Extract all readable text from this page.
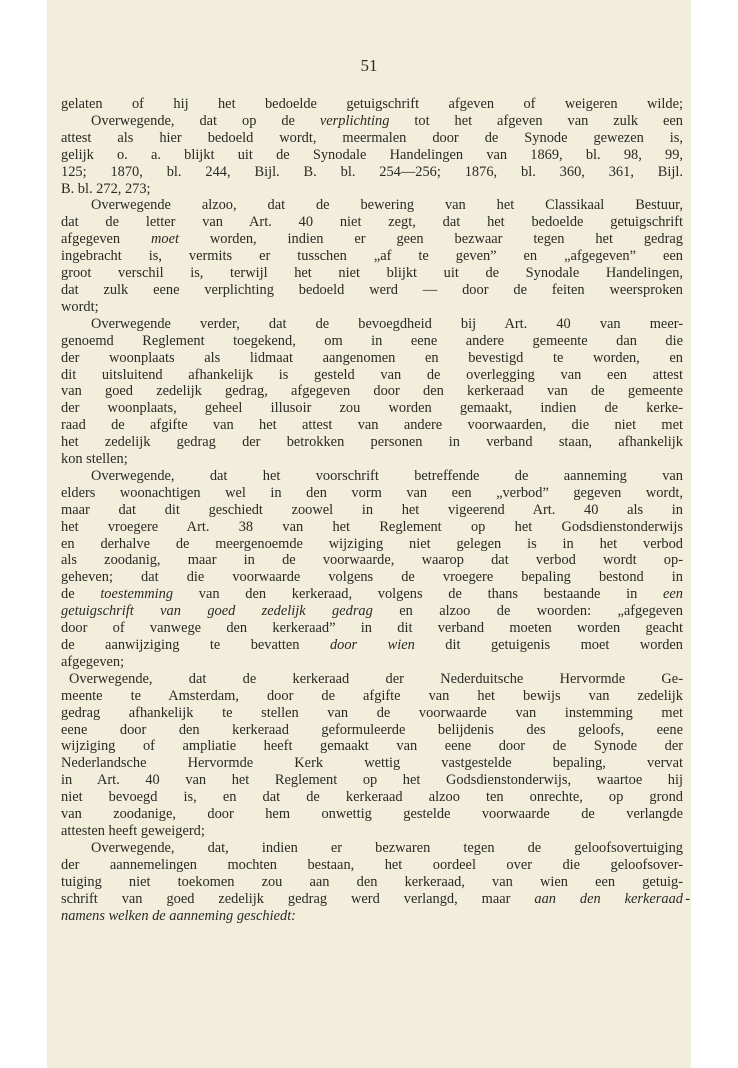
51
gelaten of hij het bedoelde getuigschrift afgeven of weigeren wilde;
Overwegende, dat op de verplichting tot het afgeven van zulk een
attest als hier bedoeld wordt, meermalen door de Synode gewezen is,
gelijk o. a. blijkt uit de Synodale Handelingen van 1869, bl. 98, 99,
125; 1870, bl. 244, Bijl. B. bl. 254—256; 1876, bl. 360, 361, Bijl.
B. bl. 272, 273;
Overwegende alzoo, dat de bewering van het Classikaal Bestuur,
dat de letter van Art. 40 niet zegt, dat het bedoelde getuigschrift
afgegeven moet worden, indien er geen bezwaar tegen het gedrag
ingebracht is, vermits er tusschen „af te geven” en „afgegeven” een
groot verschil is, terwijl het niet blijkt uit de Synodale Handelingen,
dat zulk eene verplichting bedoeld werd — door de feiten weersproken
wordt;
Overwegende verder, dat de bevoegdheid bij Art. 40 van meer-
genoemd Reglement toegekend, om in eene andere gemeente dan die
der woonplaats als lidmaat aangenomen en bevestigd te worden, en
dit uitsluitend afhankelijk is gesteld van de overlegging van een attest
van goed zedelijk gedrag, afgegeven door den kerkeraad van de gemeente
der woonplaats, geheel illusoir zou worden gemaakt, indien de kerke-
raad de afgifte van het attest van andere voorwaarden, die niet met
het zedelijk gedrag der betrokken personen in verband staan, afhankelijk
kon stellen;
Overwegende, dat het voorschrift betreffende de aanneming van
elders woonachtigen wel in den vorm van een „verbod” gegeven wordt,
maar dat dit geschiedt zoowel in het vigeerend Art. 40 als in
het vroegere Art. 38 van het Reglement op het Godsdienstonderwijs
en derhalve de meergenoemde wijziging niet gelegen is in het verbod
als zoodanig, maar in de voorwaarde, waarop dat verbod wordt op-
geheven; dat die voorwaarde volgens de vroegere bepaling bestond in
de toestemming van den kerkeraad, volgens de thans bestaande in een
getuigschrift van goed zedelijk gedrag en alzoo de woorden: „afgegeven
door of vanwege den kerkeraad” in dit verband moeten worden geacht
de aanwijziging te bevatten door wien dit getuigenis moet worden
afgegeven;
Overwegende, dat de kerkeraad der Nederduitsche Hervormde Ge-
meente te Amsterdam, door de afgifte van het bewijs van zedelijk
gedrag afhankelijk te stellen van de voorwaarde van instemming met
eene door den kerkeraad geformuleerde belijdenis des geloofs, eene
wijziging of ampliatie heeft gemaakt van eene door de Synode der
Nederlandsche Hervormde Kerk wettig vastgestelde bepaling, vervat
in Art. 40 van het Reglement op het Godsdienstonderwijs, waartoe hij
niet bevoegd is, en dat de kerkeraad alzoo ten onrechte, op grond
van zoodanige, door hem onwettig gestelde voorwaarde de verlangde
attesten heeft geweigerd;
Overwegende, dat, indien er bezwaren tegen de geloofsovertuiging
der aannemelingen mochten bestaan, het oordeel over die geloofsover-
tuiging niet toekomen zou aan den kerkeraad, van wien een getuig-
schrift van goed zedelijk gedrag werd verlangd, maar aan den kerkeraad -
namens welken de aanneming geschiedt:
